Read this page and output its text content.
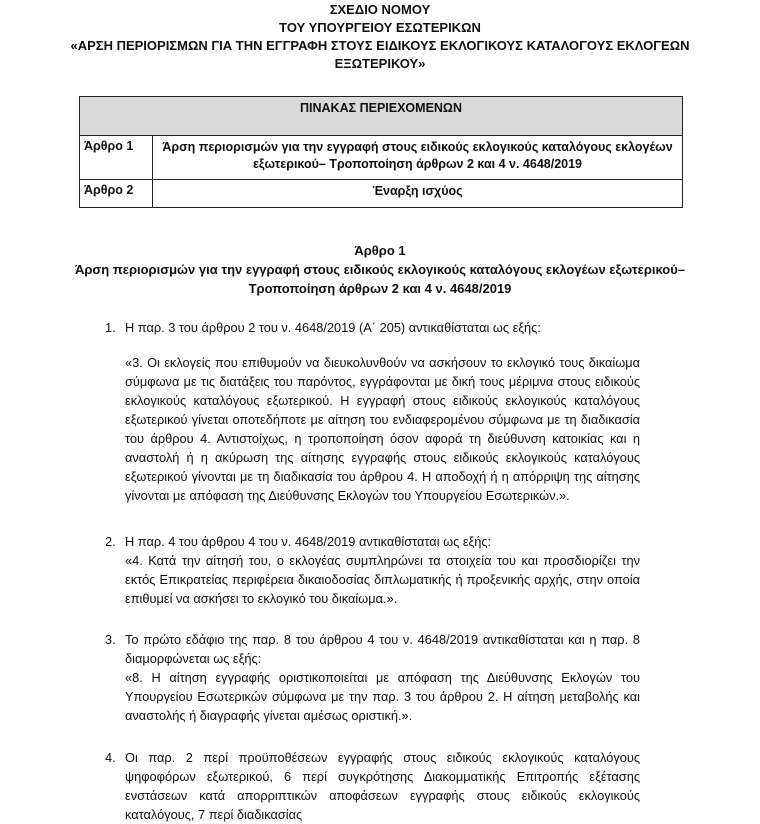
ΣΧΕΔΙΟ ΝΟΜΟΥ
ΤΟΥ ΥΠΟΥΡΓΕΙΟΥ ΕΣΩΤΕΡΙΚΩΝ
«ΑΡΣΗ ΠΕΡΙΟΡΙΣΜΩΝ ΓΙΑ ΤΗΝ ΕΓΓΡΑΦΗ ΣΤΟΥΣ ΕΙΔΙΚΟΥΣ ΕΚΛΟΓΙΚΟΥΣ ΚΑΤΑΛΟΓΟΥΣ ΕΚΛΟΓΕΩΝ ΕΞΩΤΕΡΙΚΟΥ»
ΠΙΝΑΚΑΣ ΠΕΡΙΕΧΟΜΕΝΩΝ	

Άρθρο 1	Άρση περιορισμών για την εγγραφή στους ειδικούς εκλογικούς καταλόγους εκλογέων εξωτερικού– Τροποποίηση άρθρων 2 και 4 ν. 4648/2019
Άρθρο 2	Έναρξη ισχύος
Άρθρο 1
Άρση περιορισμών για την εγγραφή στους ειδικούς εκλογικούς καταλόγους εκλογέων εξωτερικού–
Τροποποίηση άρθρων 2 και 4 ν. 4648/2019
1. Η παρ. 3 του άρθρου 2 του ν. 4648/2019 (Α΄ 205) αντικαθίσταται ως εξής:
«3. Οι εκλογείς που επιθυμούν να διευκολυνθούν να ασκήσουν το εκλογικό τους δικαίωμα σύμφωνα με τις διατάξεις του παρόντος, εγγράφονται με δική τους μέριμνα στους ειδικούς εκλογικούς καταλόγους εξωτερικού. Η εγγραφή στους ειδικούς εκλογικούς καταλόγους εξωτερικού γίνεται οποτεδήποτε με αίτηση του ενδιαφερομένου σύμφωνα με τη διαδικασία του άρθρου 4. Αντιστοίχως, η τροποποίηση όσον αφορά τη διεύθυνση κατοικίας και η αναστολή ή η ακύρωση της αίτησης εγγραφής στους ειδικούς εκλογικούς καταλόγους εξωτερικού γίνονται με τη διαδικασία του άρθρου 4. Η αποδοχή ή η απόρριψη της αίτησης γίνονται με απόφαση της Διεύθυνσης Εκλογών του Υπουργείου Εσωτερικών.».
2. Η παρ. 4 του άρθρου 4 του ν. 4648/2019 αντικαθίσταται ως εξής:
«4. Κατά την αίτησή του, ο εκλογέας συμπληρώνει τα στοιχεία του και προσδιορίζει την εκτός Επικρατείας περιφέρεια δικαιοδοσίας διπλωματικής ή προξενικής αρχής, στην οποία επιθυμεί να ασκήσει το εκλογικό του δικαίωμα.».
3. Το πρώτο εδάφιο της παρ. 8 του άρθρου 4 του ν. 4648/2019 αντικαθίσταται και η παρ. 8 διαμορφώνεται ως εξής:
«8. Η αίτηση εγγραφής οριστικοποιείται με απόφαση της Διεύθυνσης Εκλογών του Υπουργείου Εσωτερικών σύμφωνα με την παρ. 3 του άρθρου 2. Η αίτηση μεταβολής και αναστολής ή διαγραφής γίνεται αμέσως οριστική.».
4. Οι παρ. 2 περί προϋποθέσεων εγγραφής στους ειδικούς εκλογικούς καταλόγους ψηφοφόρων εξωτερικού, 6 περί συγκρότησης Διακομματικής Επιτροπής εξέτασης ενστάσεων κατά απορριπτικών αποφάσεων εγγραφής στους ειδικούς εκλογικούς καταλόγους, 7 περί διαδικασίας
